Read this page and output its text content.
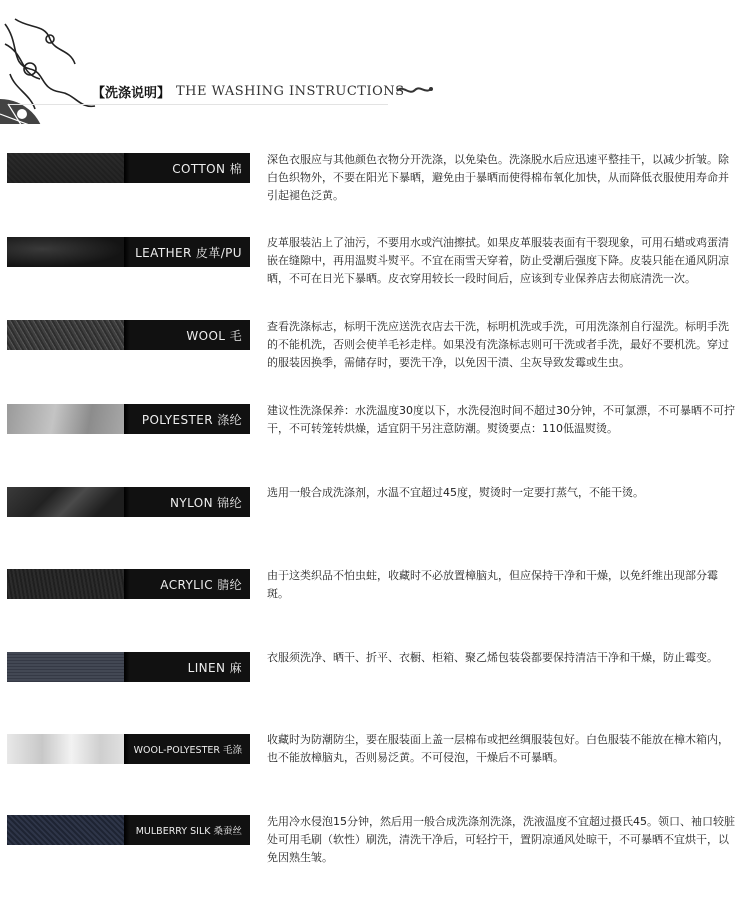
【洗涤说明】 THE WASHING INSTRUCTIONS
COTTON 棉
深色衣服应与其他颜色衣物分开洗涤，以免染色。洗涤脱水后应迅速平整挂干，以减少折皱。除白色织物外，不要在阳光下暴晒，避免由于暴晒而使得棉布氧化加快，从而降低衣服使用寿命并引起褪色泛黄。
LEATHER 皮革/PU
皮革服装沾上了油污，不要用水或汽油擦拭。如果皮革服装表面有干裂现象，可用石蜡或鸡蛋清嵌在缝隙中，再用温熨斗熨平。不宜在雨雪天穿着，防止受潮后强度下降。皮装只能在通风阴凉晒，不可在日光下暴晒。皮衣穿用较长一段时间后，应该到专业保养店去彻底清洗一次。
WOOL 毛
查看洗涤标志，标明干洗应送洗衣店去干洗，标明机洗或手洗，可用洗涤剂自行湿洗。标明手洗的不能机洗，否则会使羊毛衫走样。如果没有洗涤标志则可干洗或者手洗，最好不要机洗。穿过的服装因换季，需储存时，要洗干净，以免因干渍、尘灰导致发霉或生虫。
POLYESTER 涤纶
建议性洗涤保养：水洗温度30度以下，水洗侵泡时间不超过30分钟，不可氯漂，不可暴晒不可拧干，不可转笼转烘燥，适宜阴干另注意防潮。熨烫要点：110低温熨烫。
NYLON 锦纶
选用一般合成洗涤剂，水温不宜超过45度，熨烫时一定要打蒸气，不能干烫。
ACRYLIC 腈纶
由于这类织品不怕虫蛀，收藏时不必放置樟脑丸，但应保持干净和干燥，以免纤维出现部分霉斑。
LINEN 麻
衣服须洗净、晒干、折平、衣橱、柜箱、聚乙烯包装袋都要保持清洁干净和干燥，防止霉变。
WOOL-POLYESTER 毛涤
收藏时为防潮防尘，要在服装面上盖一层棉布或把丝绸服装包好。白色服装不能放在樟木箱内，也不能放樟脑丸，否则易泛黄。不可侵泡，干燥后不可暴晒。
MULBERRY SILK 桑蚕丝
先用冷水侵泡15分钟，然后用一般合成洗涤剂洗涤，洗液温度不宜超过摄氏45。领口、袖口较脏处可用毛刷（软性）刷洗，清洗干净后，可轻拧干，置阴凉通风处晾干，不可暴晒不宜烘干，以免因熟生皱。
